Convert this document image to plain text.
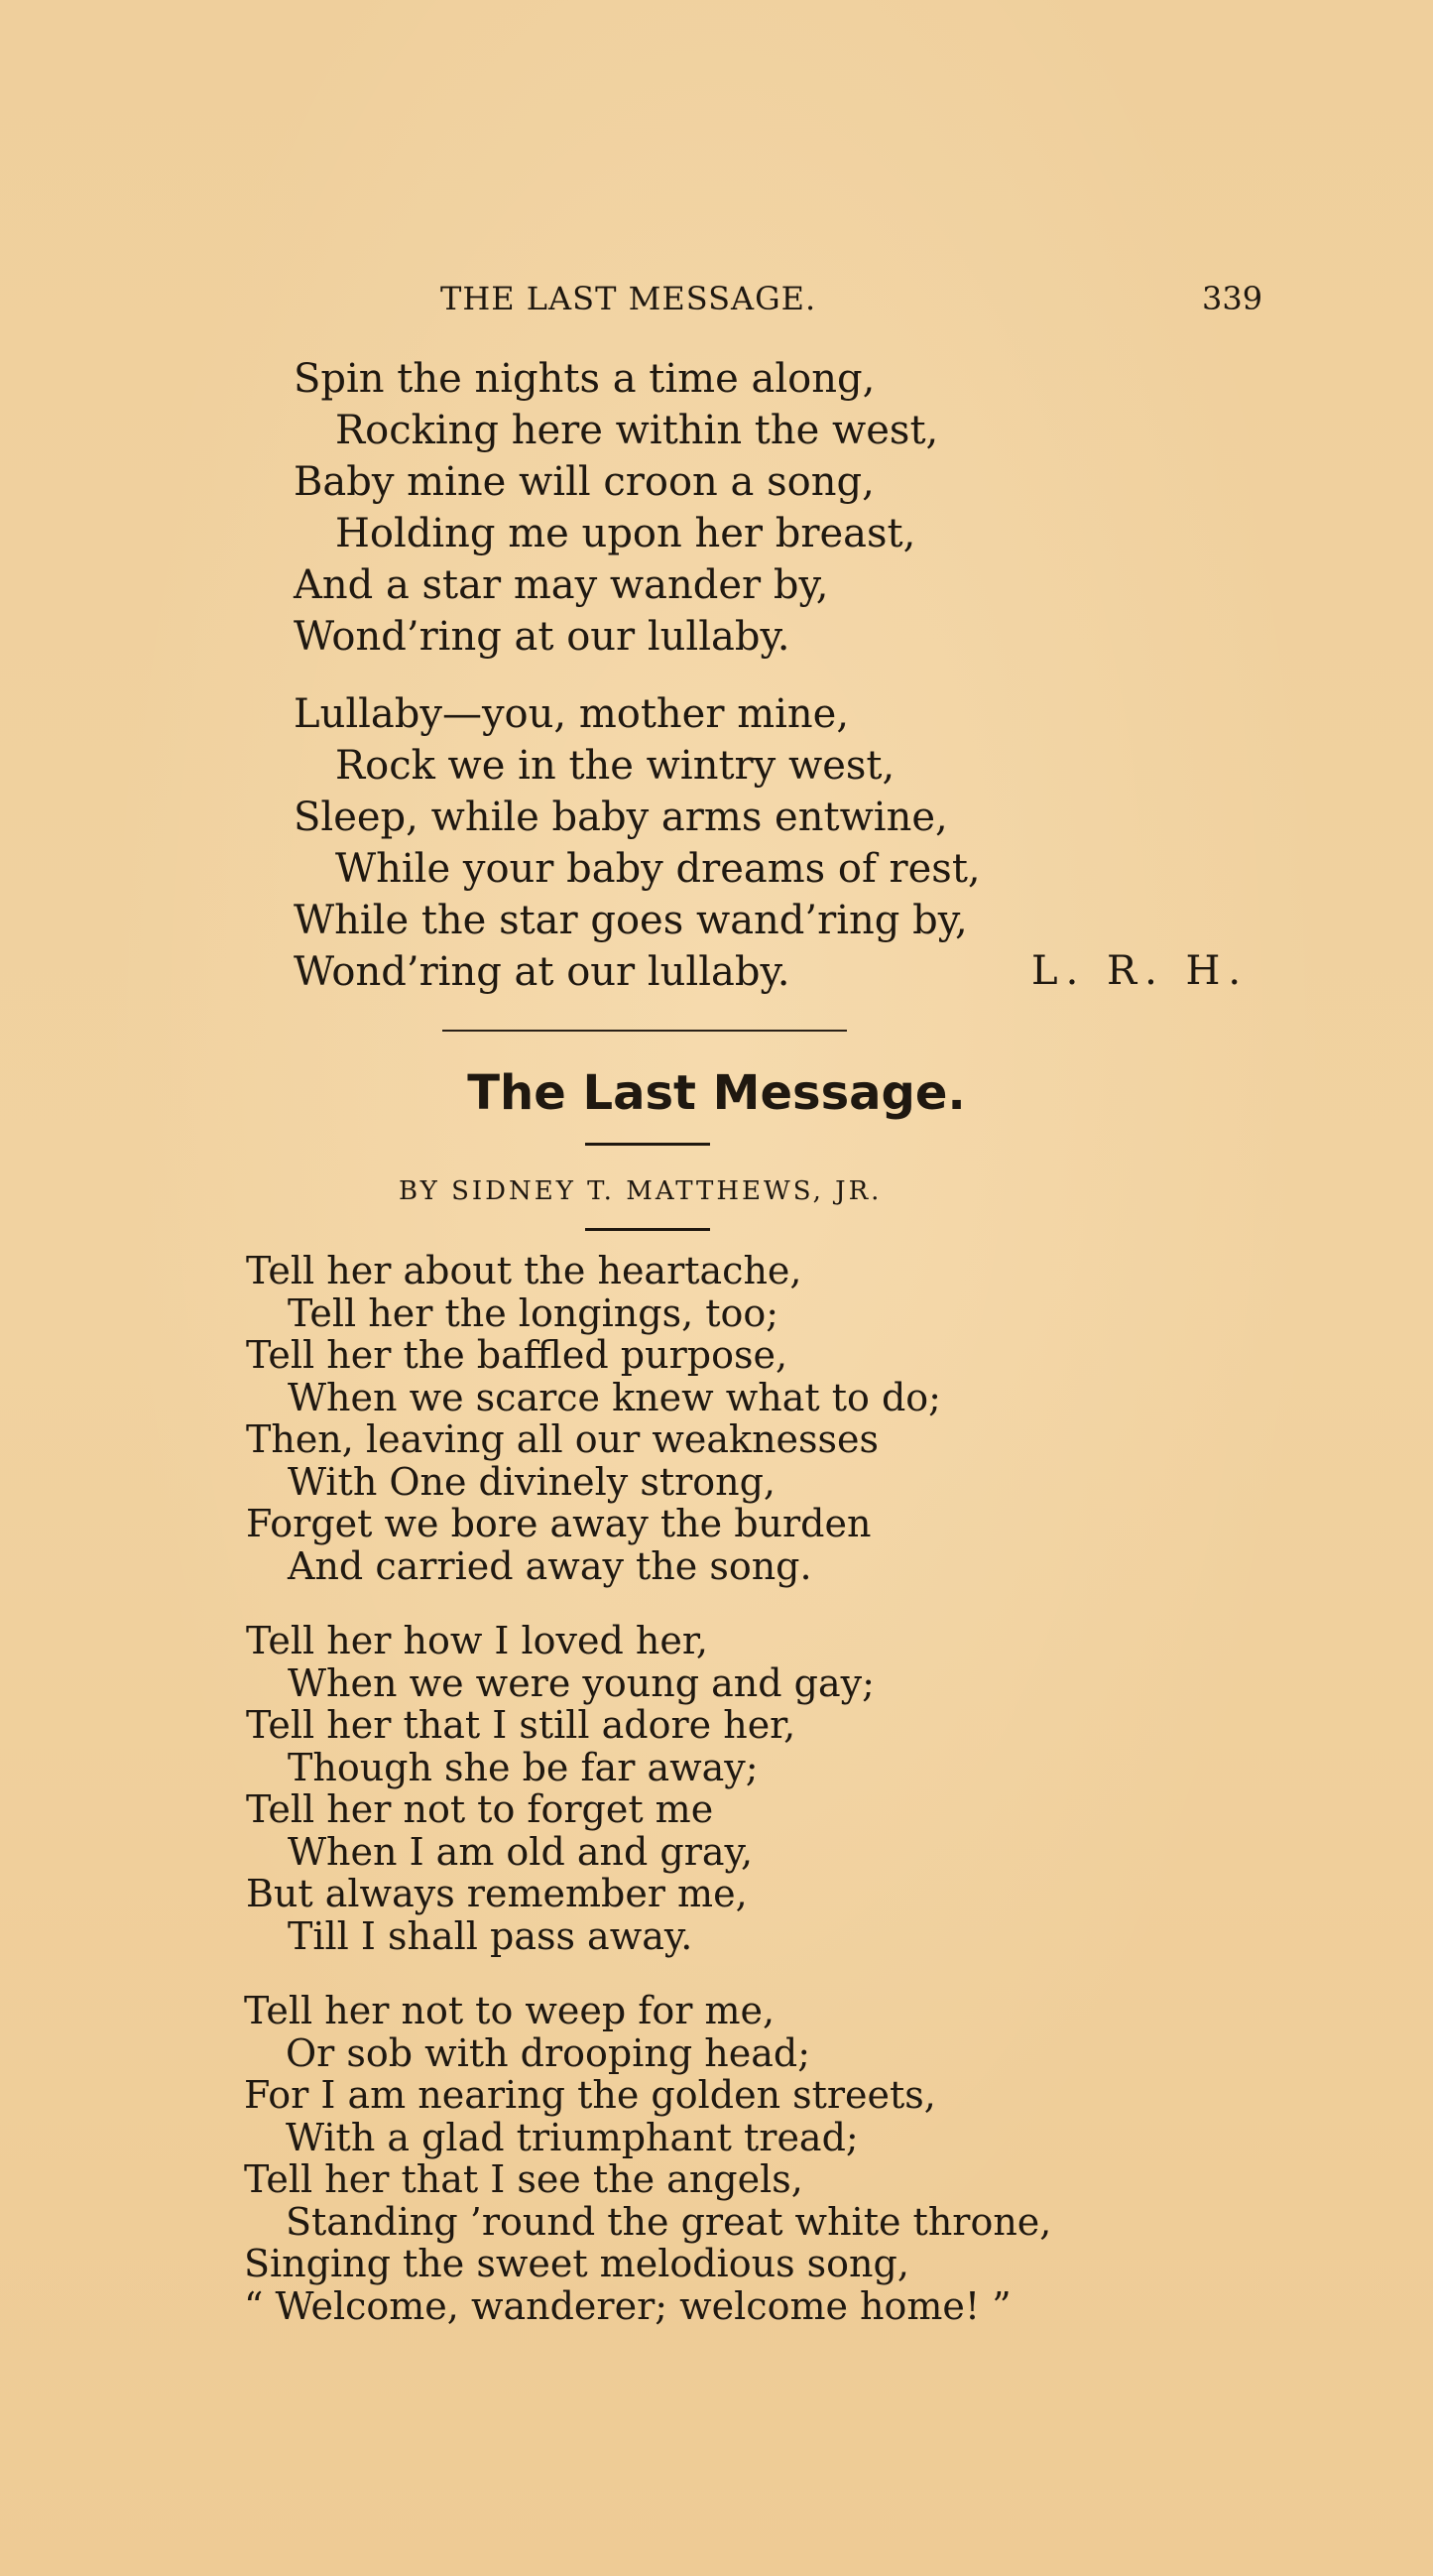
THE LAST MESSAGE.	339
Spin the nights a time along,
Rocking here within the west,
Baby mine will croon a song,
Holding me upon her breast,
And a star may wander by,
Wond’ring at our lullaby.
Lullaby—you, mother mine,
Rock we in the wintry west,
Sleep, while baby arms entwine,
While your baby dreams of rest,
While the star goes wand’ring by,
Wond’ring at our lullaby.	L. R. H.
The Last Message.
BY SIDNEY T. MATTHEWS, JR.
Tell her about the heartache,
Tell her the longings, too;
Tell her the baffled purpose,
When we scarce knew what to do;
Then, leaving all our weaknesses
With One divinely strong,
Forget we bore away the burden
And carried away the song.
Tell her how I loved her,
When we were young and gay;
Tell her that I still adore her,
Though she be far away;
Tell her not to forget me
When I am old and gray,
But always remember me,
Till I shall pass away.
Tell her not to weep for me,
Or sob with drooping head;
For I am nearing the golden streets,
With a glad triumphant tread;
Tell her that I see the angels,
Standing ’round the great white throne,
Singing the sweet melodious song,
“ Welcome, wanderer; welcome home! ”
